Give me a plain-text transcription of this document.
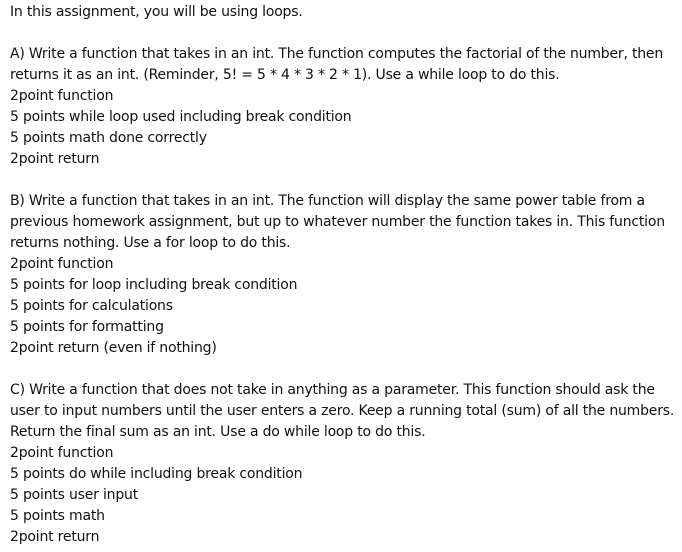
In this assignment, you will be using loops.
A) Write a function that takes in an int. The function computes the factorial of the number, then
returns it as an int. (Reminder, 5! = 5 * 4 * 3 * 2 * 1). Use a while loop to do this.
2point function
5 points while loop used including break condition
5 points math done correctly
2point return
B) Write a function that takes in an int. The function will display the same power table from a
previous homework assignment, but up to whatever number the function takes in. This function
returns nothing. Use a for loop to do this.
2point function
5 points for loop including break condition
5 points for calculations
5 points for formatting
2point return (even if nothing)
C) Write a function that does not take in anything as a parameter. This function should ask the
user to input numbers until the user enters a zero. Keep a running total (sum) of all the numbers.
Return the final sum as an int. Use a do while loop to do this.
2point function
5 points do while including break condition
5 points user input
5 points math
2point return
